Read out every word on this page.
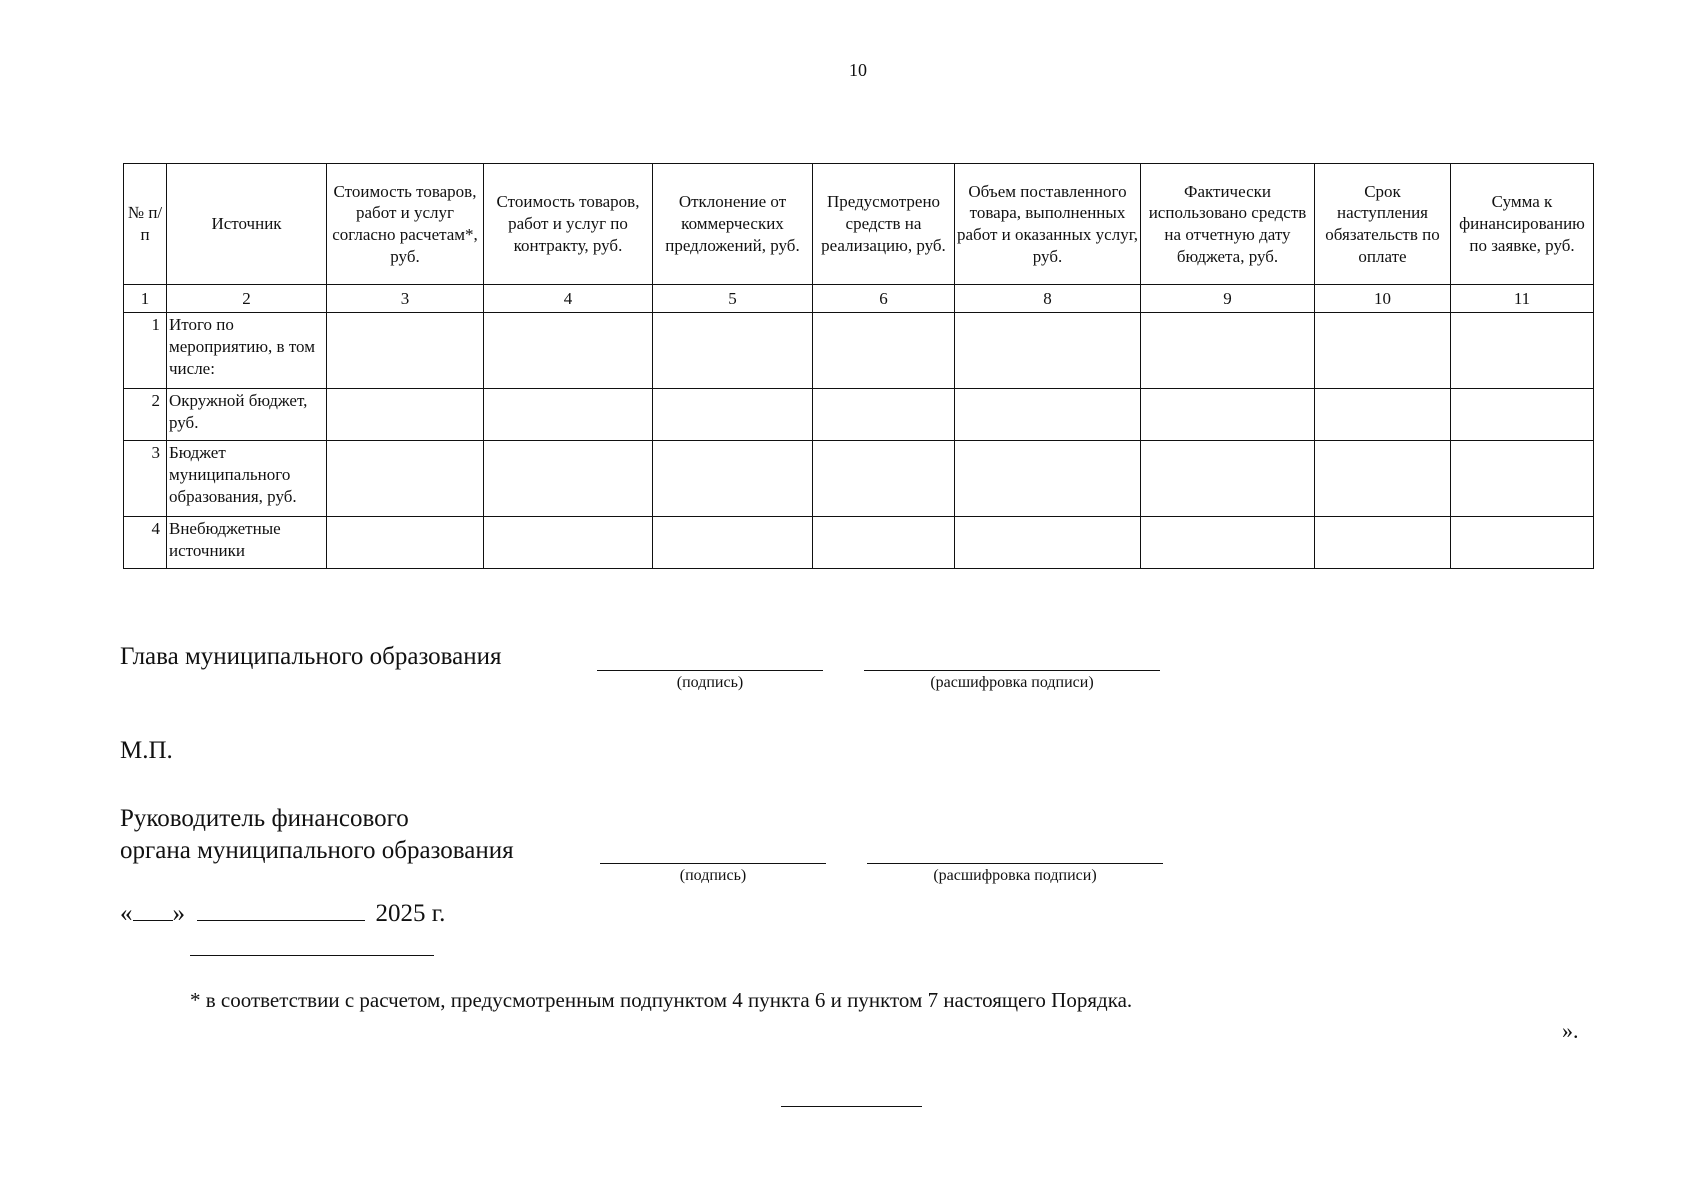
10
№ п/п	Источник	Стоимость товаров, работ и услуг согласно расчетам*, руб.	Стоимость товаров, работ и услуг по контракту, руб.	Отклонение от коммерческих предложений, руб.	Предусмотрено средств на реализацию, руб.	Объем поставленного товара, выполненных работ и оказанных услуг, руб.	Фактически использовано средств на отчетную дату бюджета, руб.	Срок наступления обязательств по оплате	Сумма к финансированию по заявке, руб.
1	2	3	4	5	6	8	9	10	11
1	Итого по мероприятию, в том числе:								
2	Окружной бюджет, руб.								
3	Бюджет муниципального образования, руб.								
4	Внебюджетные источники								
Глава муниципального образования
(подпись)	(расшифровка подписи)
М.П.
Руководитель финансового
органа муниципального образования
(подпись)	(расшифровка подписи)
« »	2025 г.
* в соответствии с расчетом, предусмотренным подпунктом 4 пункта 6 и пунктом 7 настоящего Порядка.
».
